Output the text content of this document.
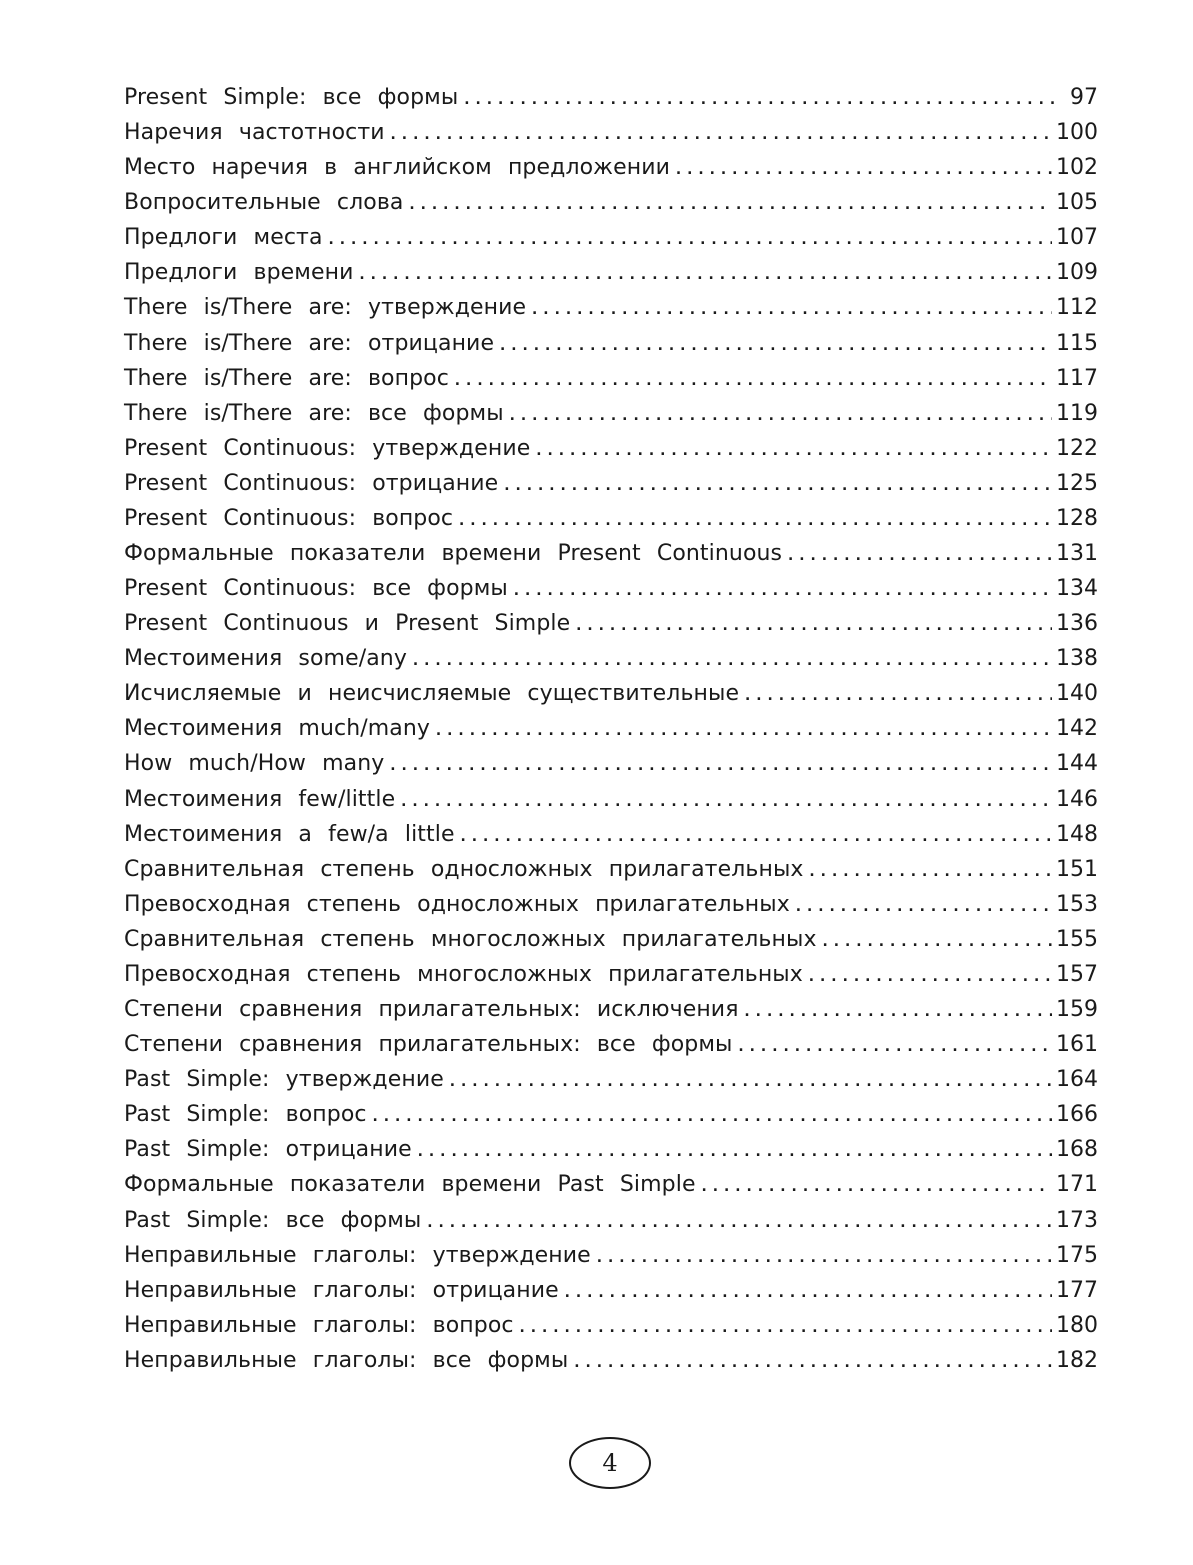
Present Simple: все формы . . .	97
Наречия частотности . . .	100
Место наречия в английском предложении . . .	102
Вопросительные слова . . .	105
Предлоги места . . .	107
Предлоги времени . . .	109
There is/There are: утверждение . . .	112
There is/There are: отрицание . . .	115
There is/There are: вопрос . . .	117
There is/There are: все формы . . .	119
Present Continuous: утверждение . . .	122
Present Continuous: отрицание . . .	125
Present Continuous: вопрос . . .	128
Формальные показатели времени Present Continuous . . .	131
Present Continuous: все формы . . .	134
Present Continuous и Present Simple . . .	136
Местоимения some/any . . .	138
Исчисляемые и неисчисляемые существительные . . .	140
Местоимения much/many . . .	142
How much/How many . . .	144
Местоимения few/little . . .	146
Местоимения a few/a little . . .	148
Сравнительная степень односложных прилагательных . . .	151
Превосходная степень односложных прилагательных . . .	153
Сравнительная степень многосложных прилагательных . . .	155
Превосходная степень многосложных прилагательных . . .	157
Степени сравнения прилагательных: исключения . . .	159
Степени сравнения прилагательных: все формы . . .	161
Past Simple: утверждение . . .	164
Past Simple: вопрос . . .	166
Past Simple: отрицание . . .	168
Формальные показатели времени Past Simple . . .	171
Past Simple: все формы . . .	173
Неправильные глаголы: утверждение . . .	175
Неправильные глаголы: отрицание . . .	177
Неправильные глаголы: вопрос . . .	180
Неправильные глаголы: все формы . . .	182
4
